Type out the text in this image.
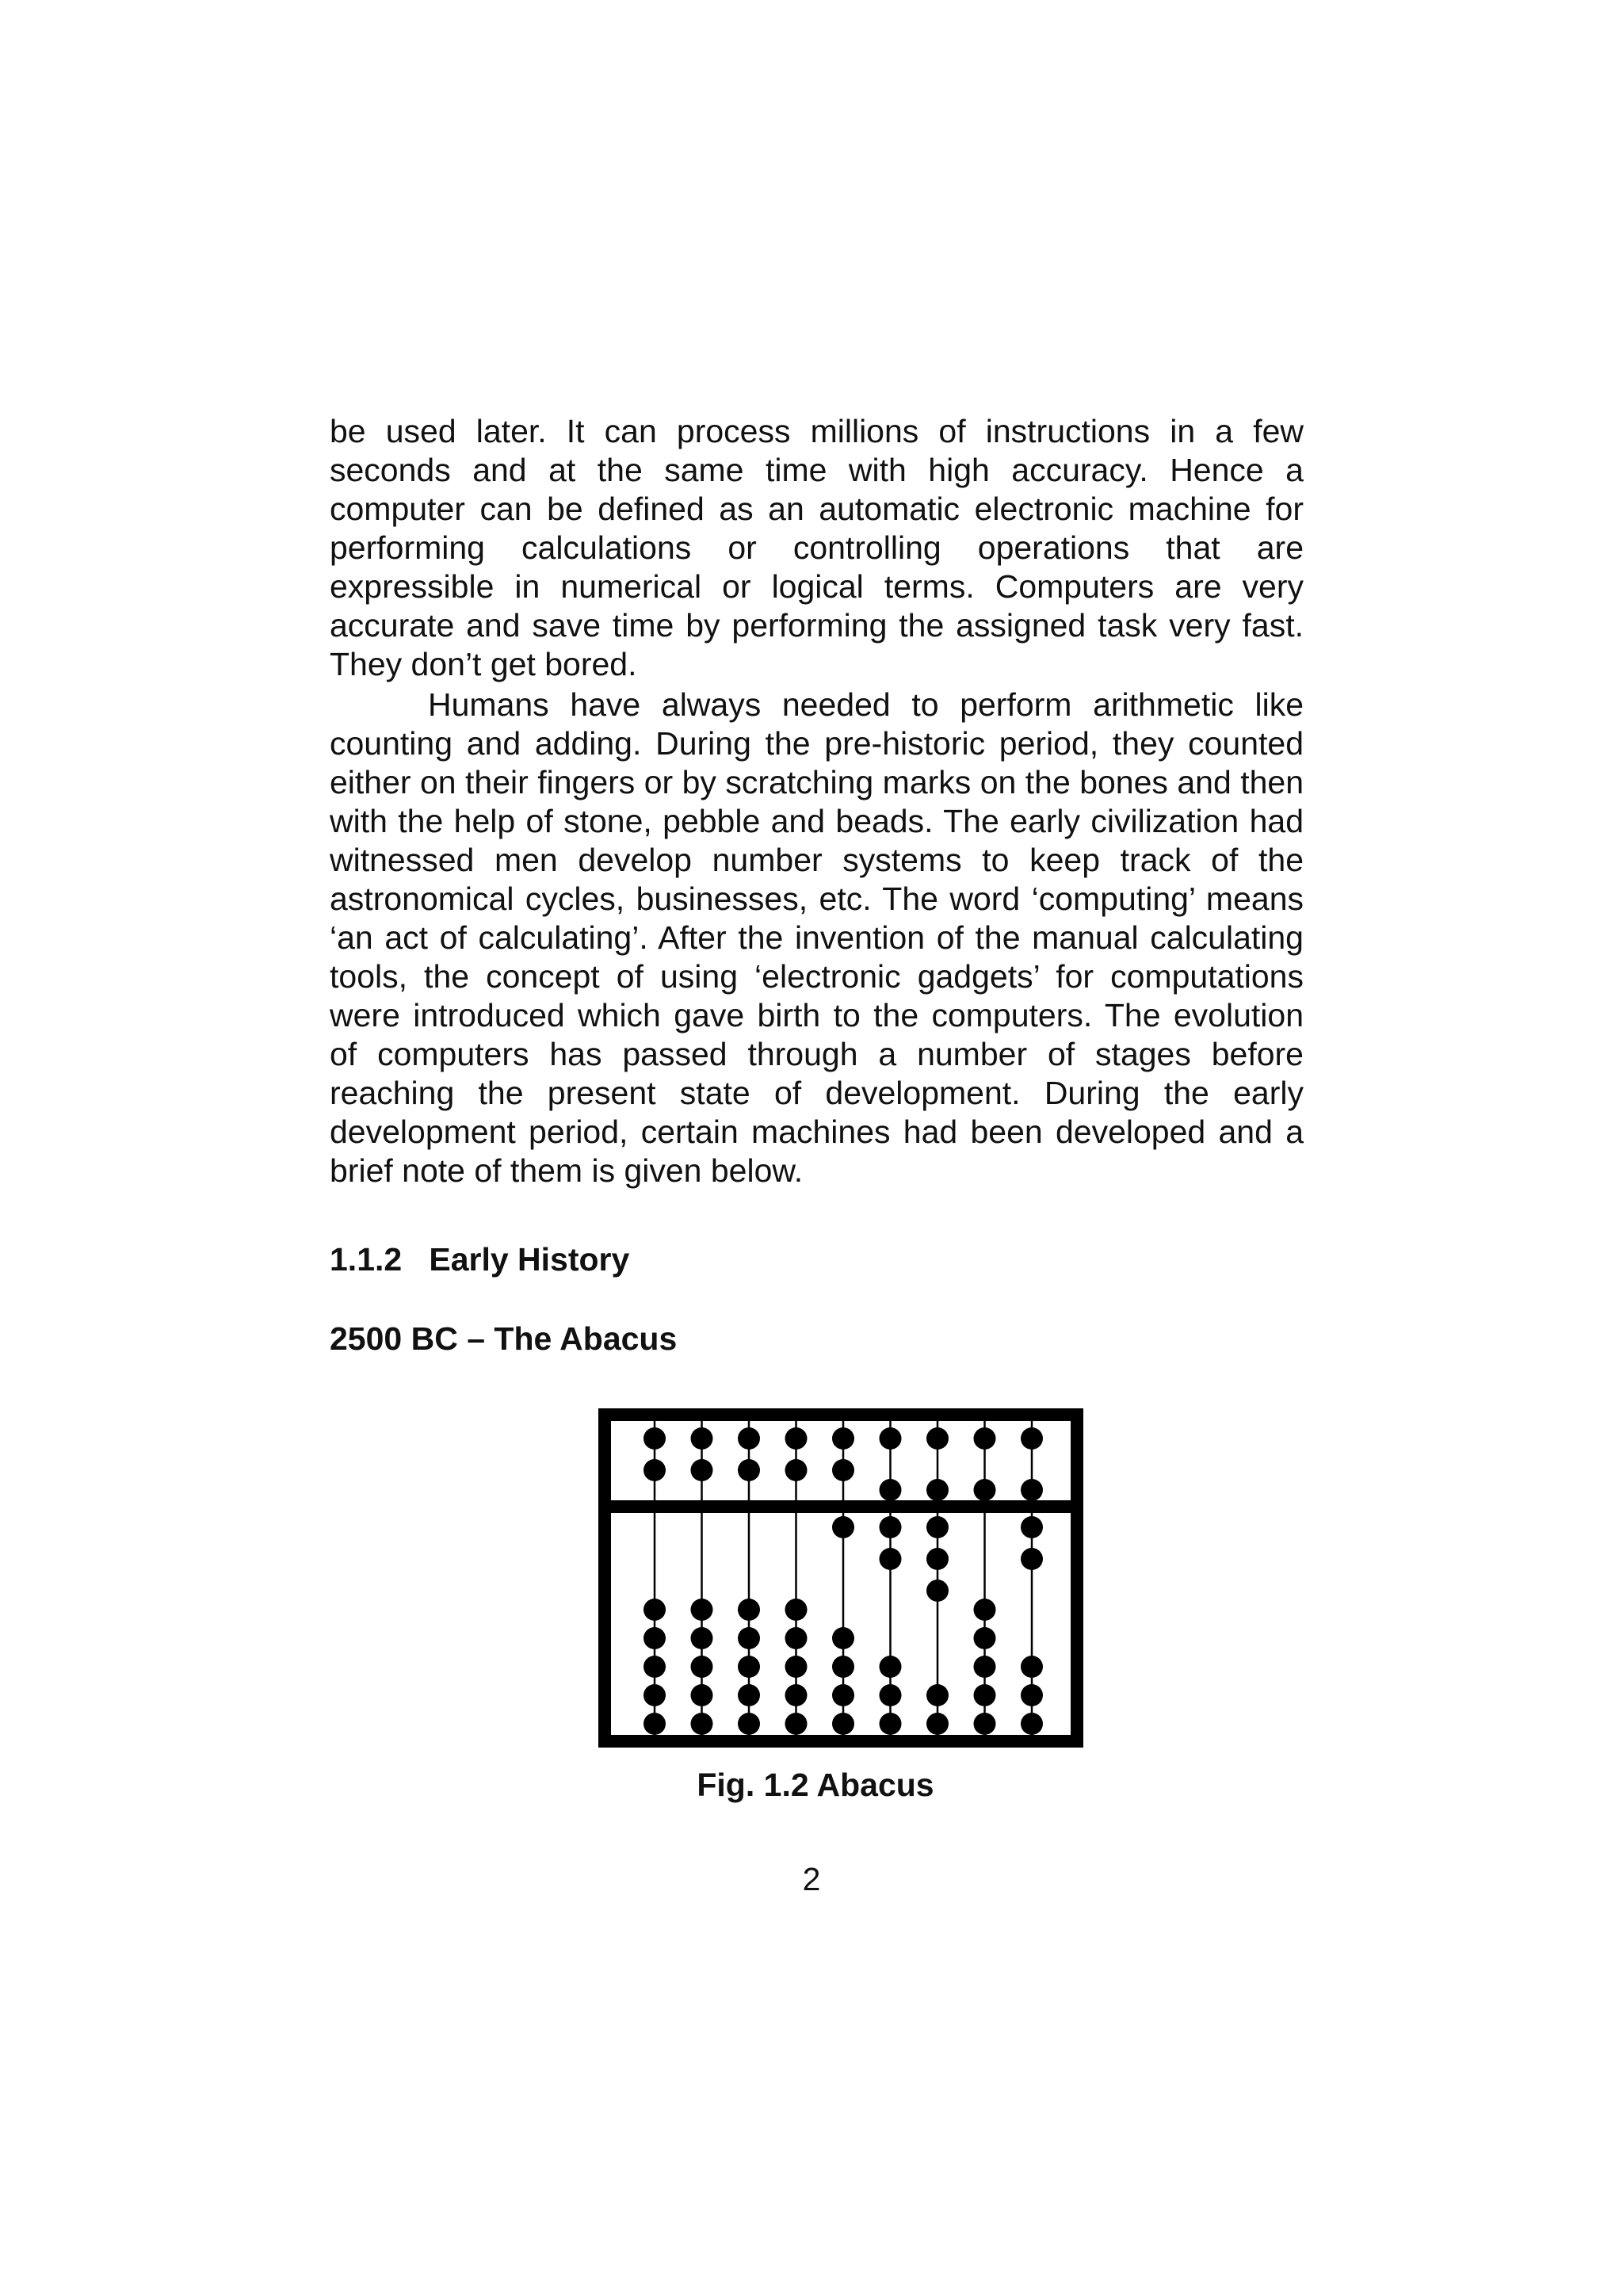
be used later. It can process millions of instructions in a few seconds and at the same time with high accuracy. Hence a computer can be defined as an automatic electronic machine for performing calculations or controlling operations that are expressible in numerical or logical terms. Computers are very accurate and save time by performing the assigned task very fast. They don’t get bored.

Humans have always needed to perform arithmetic like counting and adding. During the pre-historic period, they counted either on their fingers or by scratching marks on the bones and then with the help of stone, pebble and beads. The early civilization had witnessed men develop number systems to keep track of the astronomical cycles, businesses, etc. The word ‘computing’ means ‘an act of calculating’. After the invention of the manual calculating tools, the concept of using ‘electronic gadgets’ for computations were introduced which gave birth to the computers. The evolution of computers has passed through a number of stages before reaching the present state of development. During the early development period, certain machines had been developed and a brief note of them is given below.

1.1.2   Early History
2500 BC – The Abacus

Fig. 1.2 Abacus

2
